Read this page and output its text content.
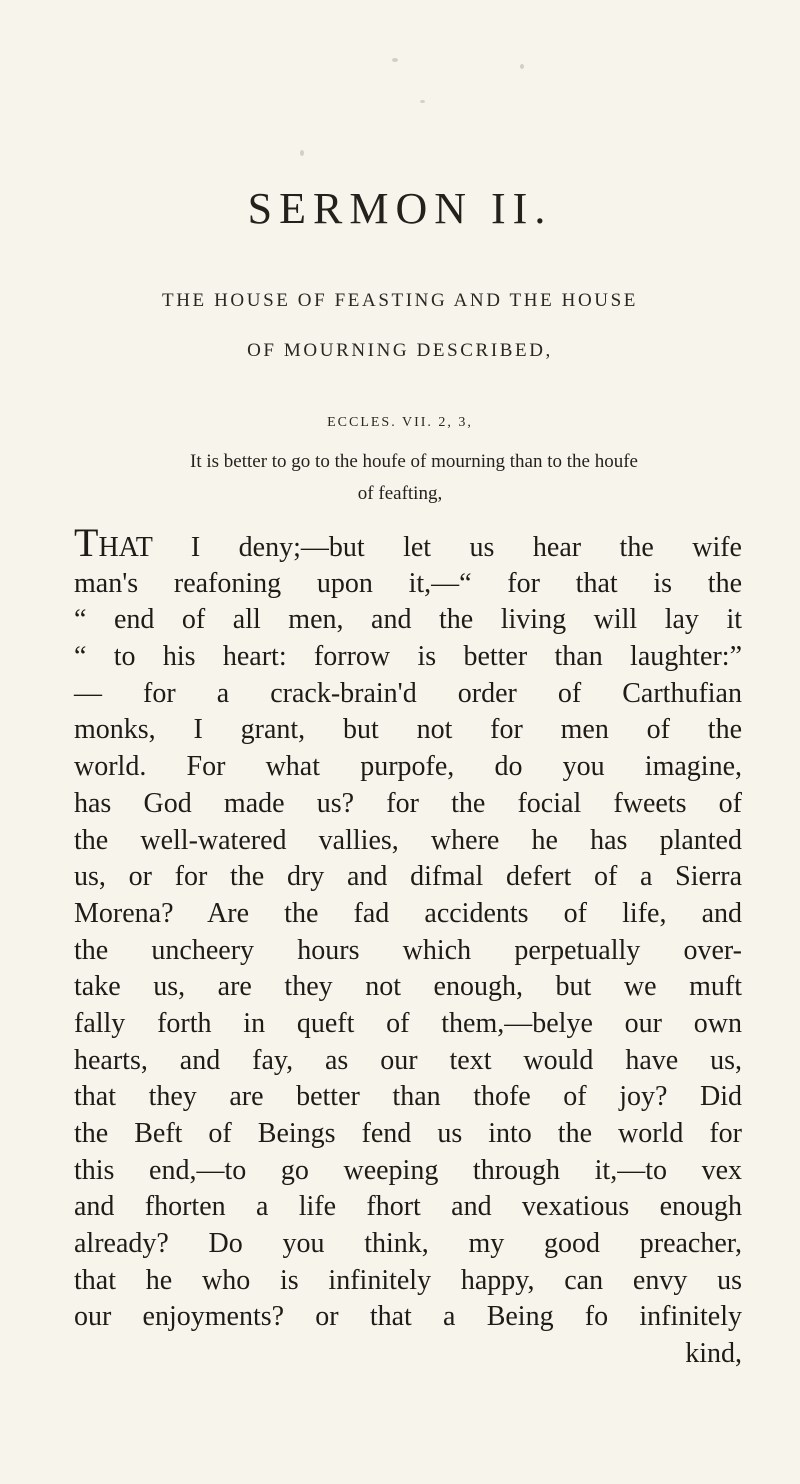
SERMON II.
THE HOUSE OF FEASTING AND THE HOUSE
OF MOURNING DESCRIBED,
ECCLES. VII. 2, 3,
It is better to go to the houfe of mourning than to the houfe
of feafting,
THAT I deny;—but let us hear the wife
man's reafoning upon it,—“ for that is the
“ end of all men, and the living will lay it
“ to his heart: forrow is better than laughter:”
— for a crack-brain'd order of Carthufian
monks, I grant, but not for men of the
world. For what purpofe, do you imagine,
has God made us? for the focial fweets of
the well-watered vallies, where he has planted
us, or for the dry and difmal defert of a Sierra
Morena? Are the fad accidents of life, and
the uncheery hours which perpetually over-
take us, are they not enough, but we muft
fally forth in queft of them,—belye our own
hearts, and fay, as our text would have us,
that they are better than thofe of joy? Did
the Beft of Beings fend us into the world for
this end,—to go weeping through it,—to vex
and fhorten a life fhort and vexatious enough
already? Do you think, my good preacher,
that he who is infinitely happy, can envy us
our enjoyments? or that a Being fo infinitely
kind,
